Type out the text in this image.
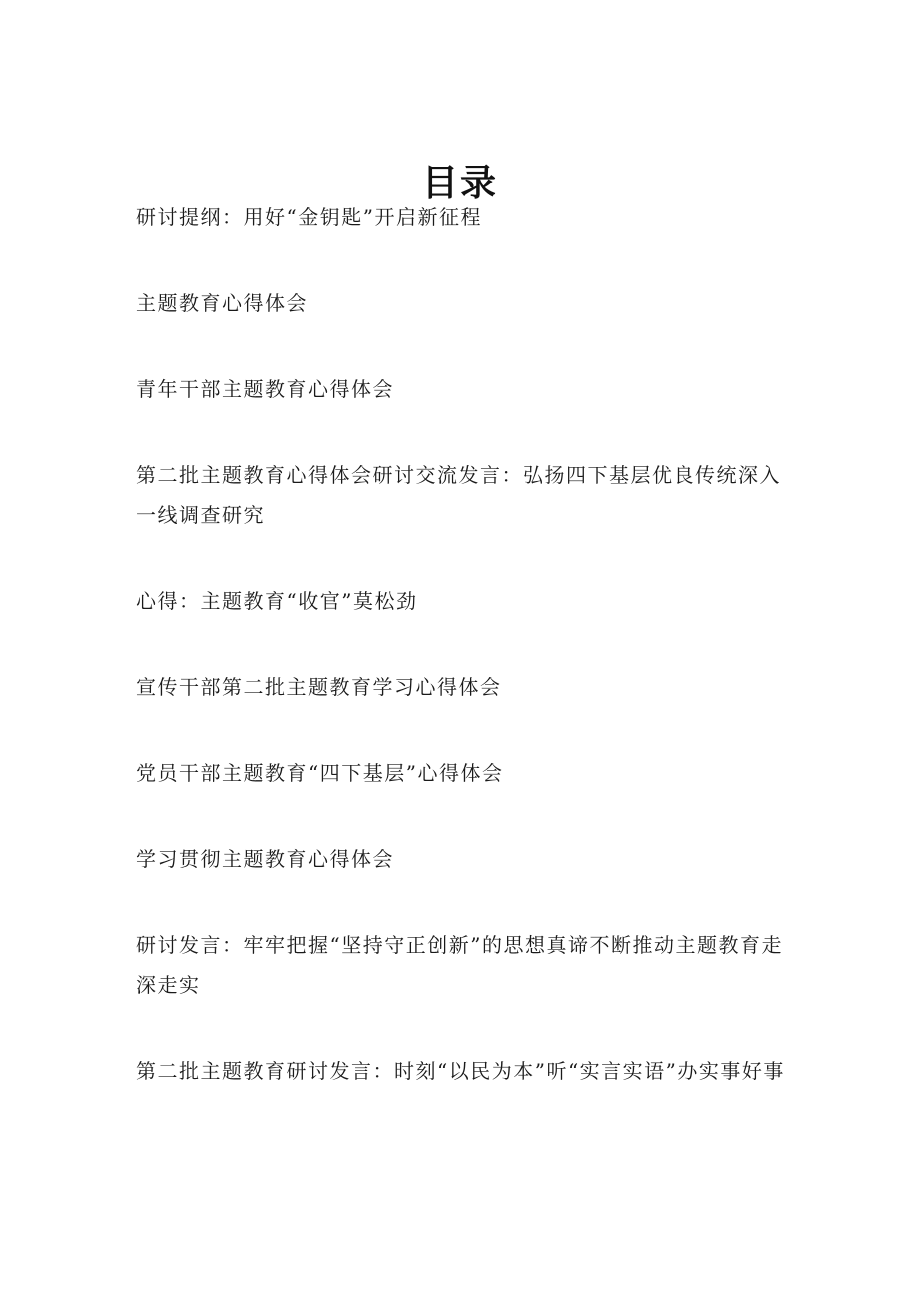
目录
研讨提纲：用好“金钥匙”开启新征程
主题教育心得体会
青年干部主题教育心得体会
第二批主题教育心得体会研讨交流发言：弘扬四下基层优良传统深入一线调查研究
心得：主题教育“收官”莫松劲
宣传干部第二批主题教育学习心得体会
党员干部主题教育“四下基层”心得体会
学习贯彻主题教育心得体会
研讨发言：牢牢把握“坚持守正创新”的思想真谛不断推动主题教育走深走实
第二批主题教育研讨发言：时刻“以民为本”听“实言实语”办实事好事
